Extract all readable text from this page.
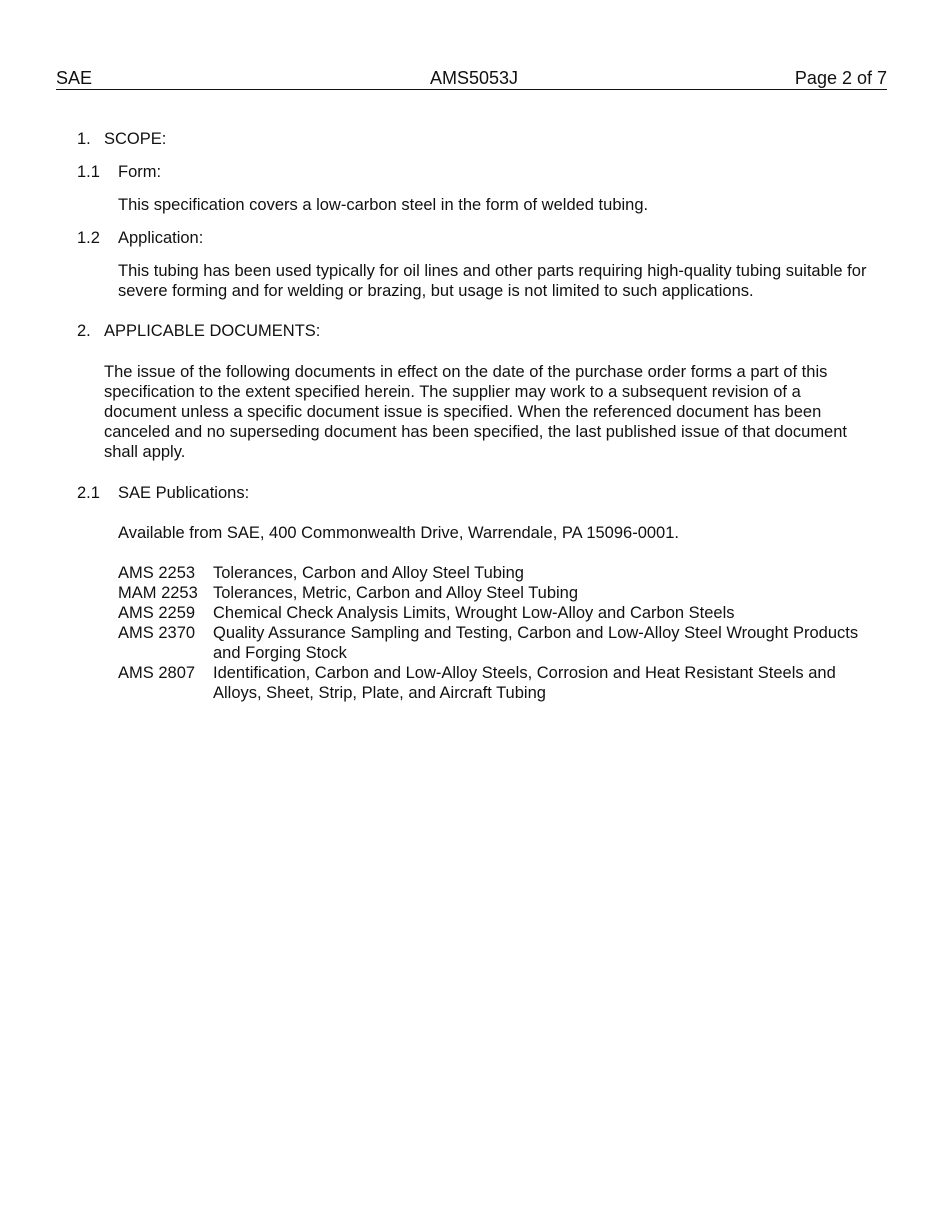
SAE	AMS5053J	Page 2 of 7
1. SCOPE:
1.1 Form:
This specification covers a low-carbon steel in the form of welded tubing.
1.2 Application:
This tubing has been used typically for oil lines and other parts requiring high-quality tubing suitable for severe forming and for welding or brazing, but usage is not limited to such applications.
2. APPLICABLE DOCUMENTS:
The issue of the following documents in effect on the date of the purchase order forms a part of this specification to the extent specified herein. The supplier may work to a subsequent revision of a document unless a specific document issue is specified. When the referenced document has been canceled and no superseding document has been specified, the last published issue of that document shall apply.
2.1 SAE Publications:
Available from SAE, 400 Commonwealth Drive, Warrendale, PA 15096-0001.
AMS 2253	Tolerances, Carbon and Alloy Steel Tubing
MAM 2253 Tolerances, Metric, Carbon and Alloy Steel Tubing
AMS 2259	Chemical Check Analysis Limits, Wrought Low-Alloy and Carbon Steels
AMS 2370	Quality Assurance Sampling and Testing, Carbon and Low-Alloy Steel Wrought Products and Forging Stock
AMS 2807	Identification, Carbon and Low-Alloy Steels, Corrosion and Heat Resistant Steels and Alloys, Sheet, Strip, Plate, and Aircraft Tubing
